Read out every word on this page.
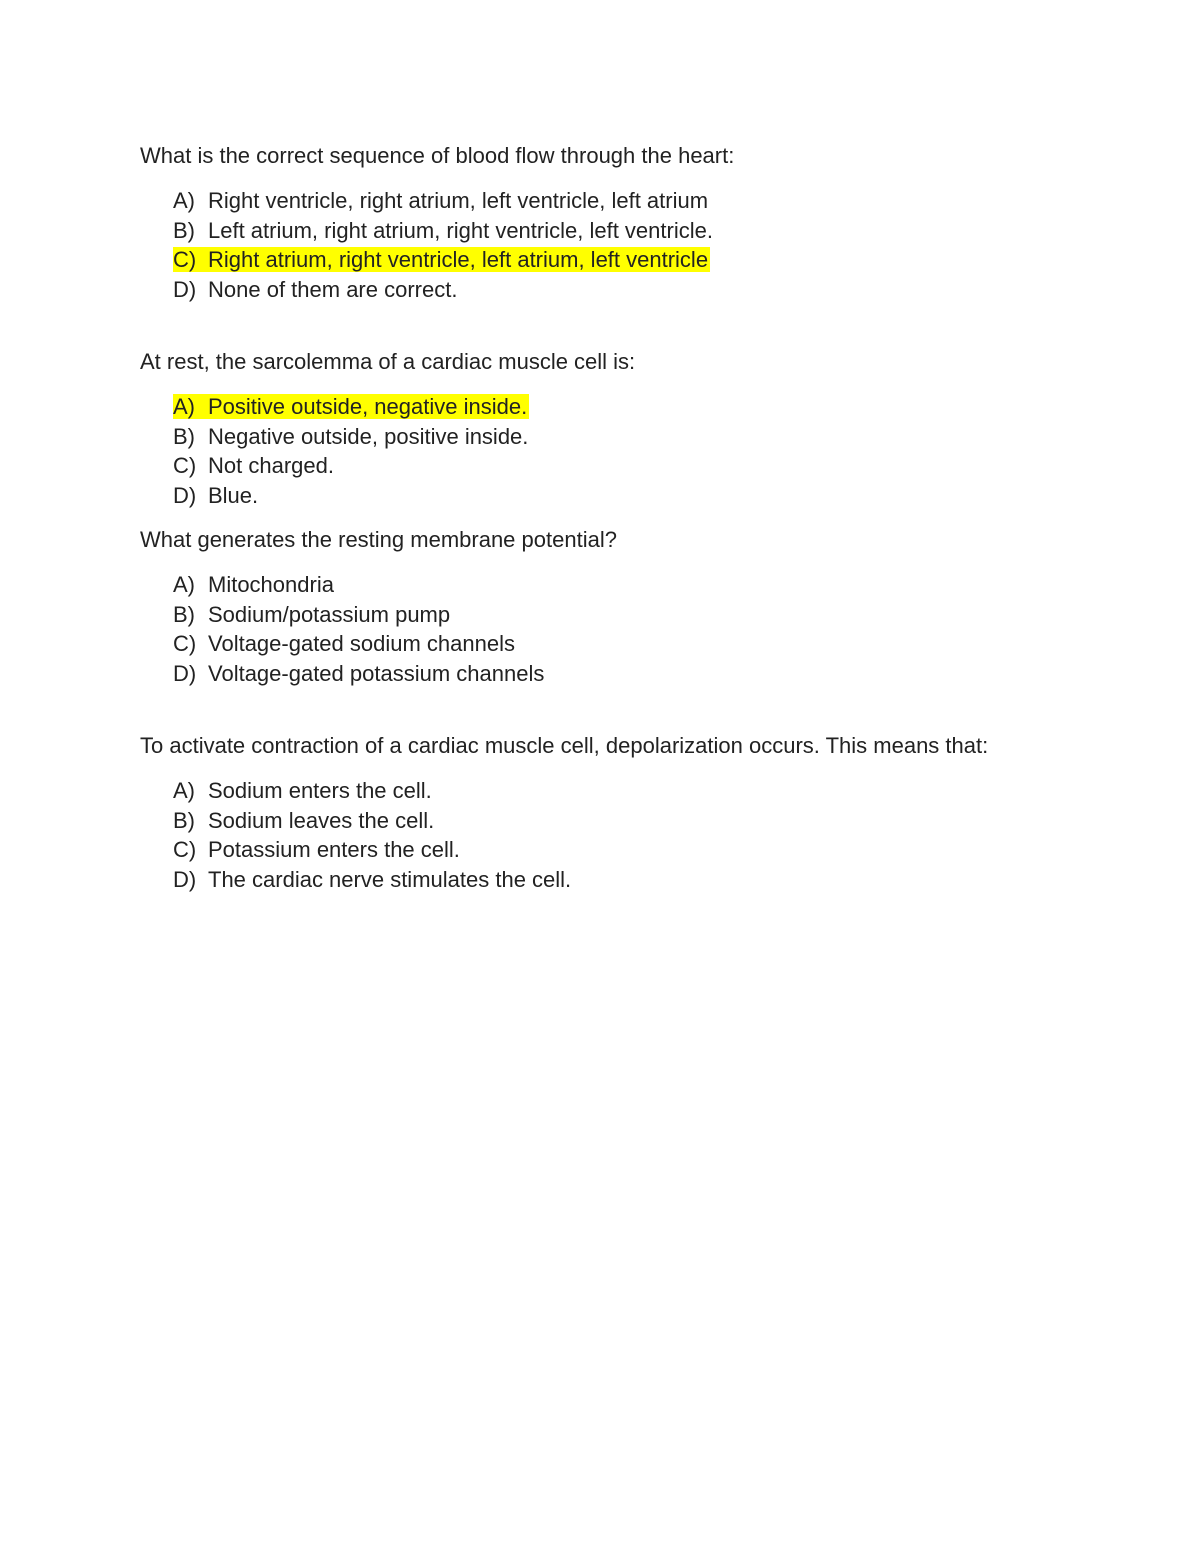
What is the correct sequence of blood flow through the heart:

A) Right ventricle, right atrium, left ventricle, left atrium
B) Left atrium, right atrium, right ventricle, left ventricle.
C) Right atrium, right ventricle, left atrium, left ventricle
D) None of them are correct.

At rest, the sarcolemma of a cardiac muscle cell is:

A) Positive outside, negative inside.
B) Negative outside, positive inside.
C) Not charged.
D) Blue.

What generates the resting membrane potential?

A) Mitochondria
B) Sodium/potassium pump
C) Voltage-gated sodium channels
D) Voltage-gated potassium channels

To activate contraction of a cardiac muscle cell, depolarization occurs. This means that:

A) Sodium enters the cell.
B) Sodium leaves the cell.
C) Potassium enters the cell.
D) The cardiac nerve stimulates the cell.
